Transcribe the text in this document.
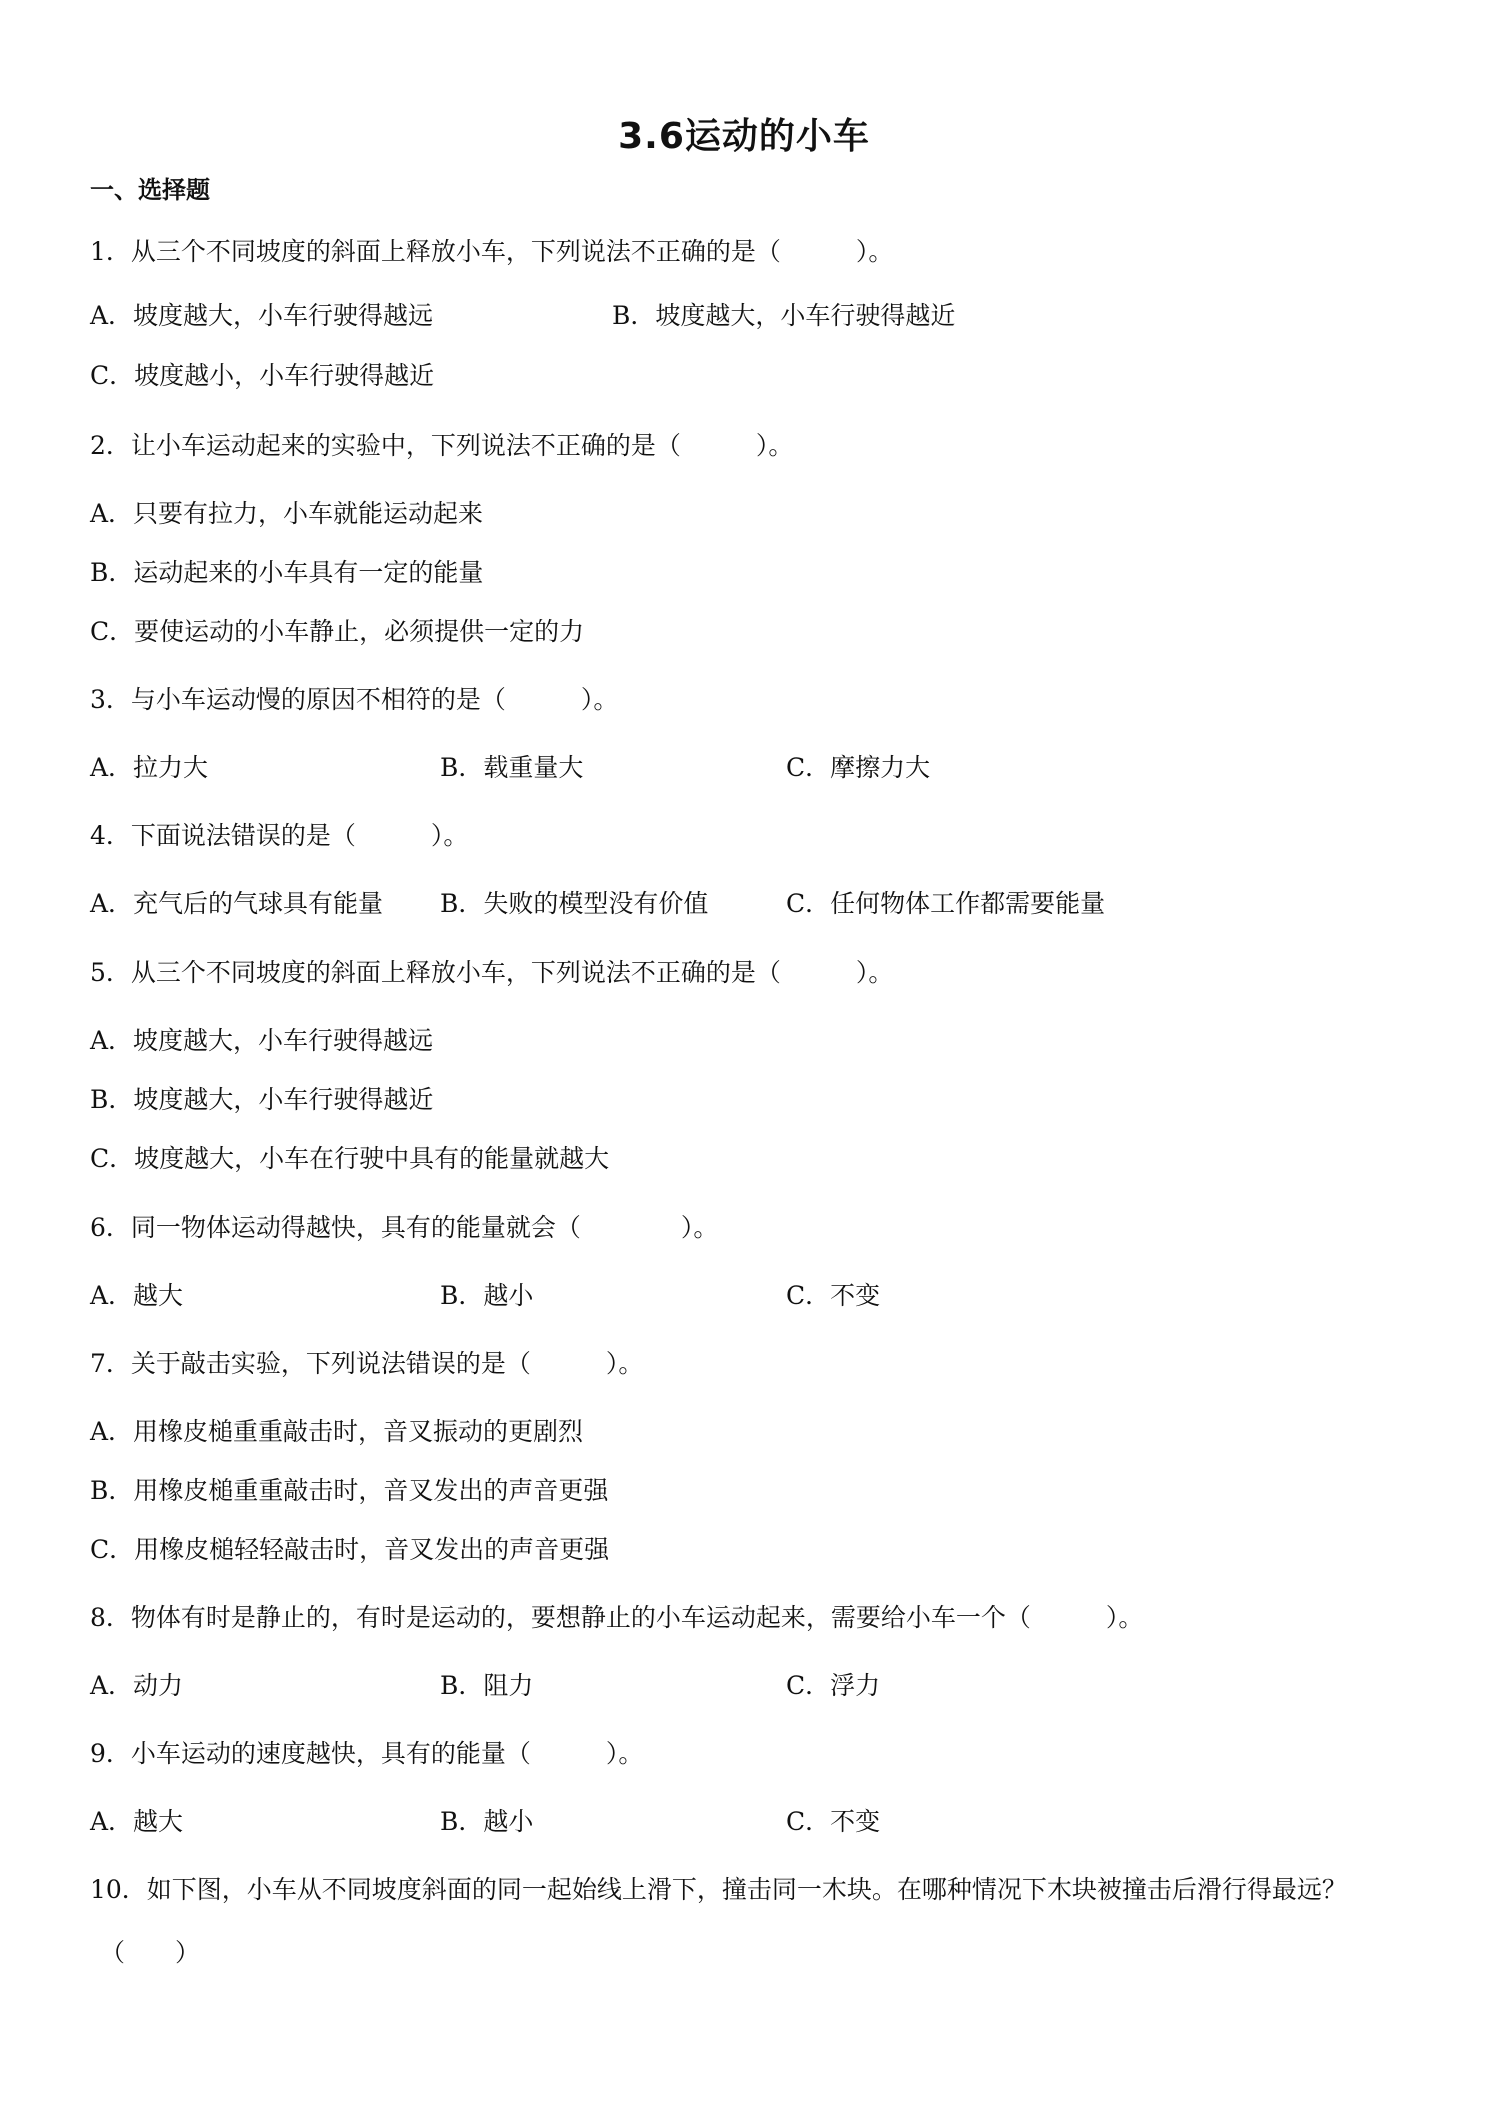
3.6运动的小车
一、选择题
1．从三个不同坡度的斜面上释放小车，下列说法不正确的是（　　　）。
A．坡度越大，小车行驶得越远	B．坡度越大，小车行驶得越近
C．坡度越小，小车行驶得越近
2．让小车运动起来的实验中，下列说法不正确的是（　　　）。
A．只要有拉力，小车就能运动起来
B．运动起来的小车具有一定的能量
C．要使运动的小车静止，必须提供一定的力
3．与小车运动慢的原因不相符的是（　　　）。
A．拉力大	B．载重量大	C．摩擦力大
4．下面说法错误的是（　　　）。
A．充气后的气球具有能量 B．失败的模型没有价值	C．任何物体工作都需要能量
5．从三个不同坡度的斜面上释放小车，下列说法不正确的是（　　　）。
A．坡度越大，小车行驶得越远
B．坡度越大，小车行驶得越近
C．坡度越大，小车在行驶中具有的能量就越大
6．同一物体运动得越快，具有的能量就会（　　　　）。
A．越大	B．越小	C．不变
7．关于敲击实验，下列说法错误的是（　　　）。
A．用橡皮槌重重敲击时，音叉振动的更剧烈
B．用橡皮槌重重敲击时，音叉发出的声音更强
C．用橡皮槌轻轻敲击时，音叉发出的声音更强
8．物体有时是静止的，有时是运动的，要想静止的小车运动起来，需要给小车一个（　　　）。
A．动力	B．阻力	C．浮力
9．小车运动的速度越快，具有的能量（　　　）。
A．越大	B．越小	C．不变
10．如下图，小车从不同坡度斜面的同一起始线上滑下，撞击同一木块。在哪种情况下木块被撞击后滑行得最远？
（　　）
